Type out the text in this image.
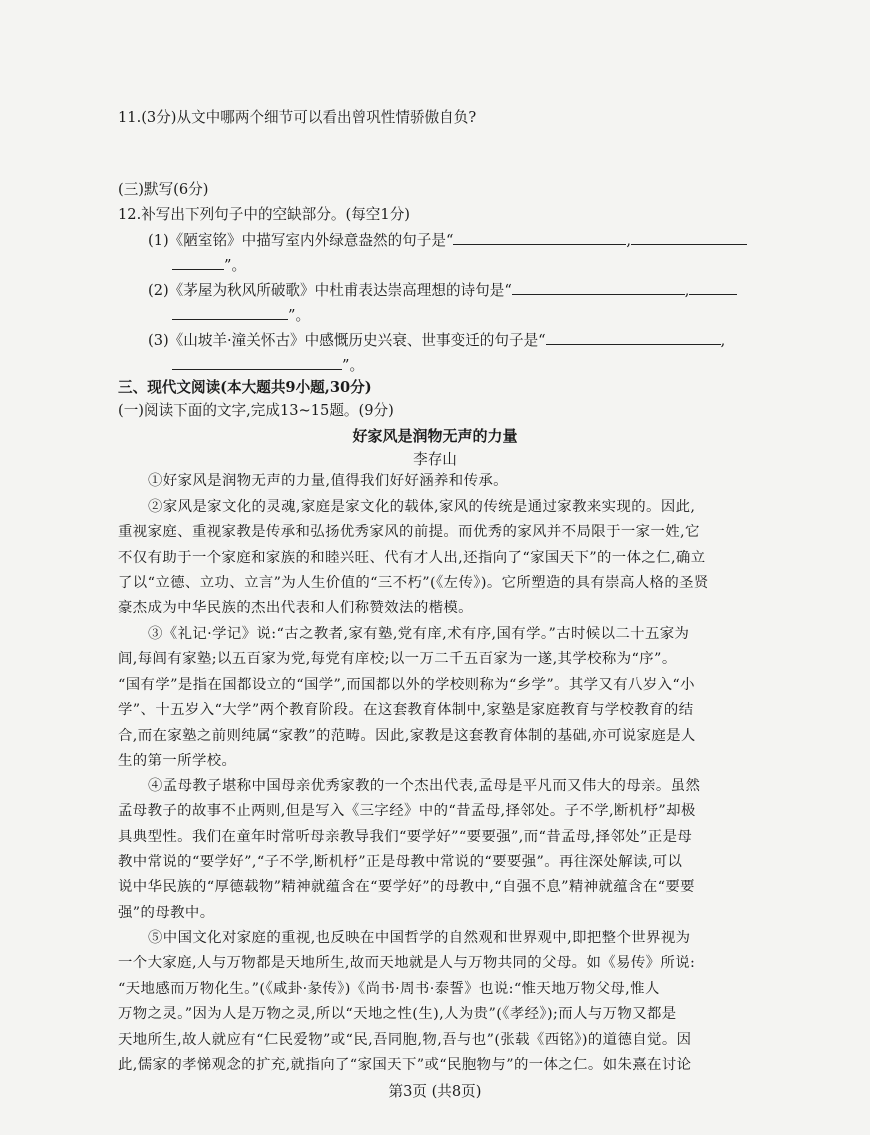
11.(3分)从文中哪两个细节可以看出曾巩性情骄傲自负?
(三)默写(6分)
12.补写出下列句子中的空缺部分。(每空1分)
(1)《陋室铭》中描写室内外绿意盎然的句子是“	,
”。
(2)《茅屋为秋风所破歌》中杜甫表达崇高理想的诗句是“	,
”。
(3)《山坡羊·潼关怀古》中感慨历史兴衰、世事变迁的句子是“	,
”。
三、现代文阅读(本大题共9小题,30分)
(一)阅读下面的文字,完成13~15题。(9分)
好家风是润物无声的力量
李存山
①好家风是润物无声的力量,值得我们好好涵养和传承。
②家风是家文化的灵魂,家庭是家文化的载体,家风的传统是通过家教来实现的。因此,
重视家庭、重视家教是传承和弘扬优秀家风的前提。而优秀的家风并不局限于一家一姓,它
不仅有助于一个家庭和家族的和睦兴旺、代有才人出,还指向了“家国天下”的一体之仁,确立
了以“立德、立功、立言”为人生价值的“三不朽”(《左传》)。它所塑造的具有崇高人格的圣贤
豪杰成为中华民族的杰出代表和人们称赞效法的楷模。
③《礼记·学记》说:“古之教者,家有塾,党有庠,术有序,国有学。”古时候以二十五家为
闾,每闾有家塾;以五百家为党,每党有庠校;以一万二千五百家为一遂,其学校称为“序”。
“国有学”是指在国都设立的“国学”,而国都以外的学校则称为“乡学”。其学又有八岁入“小
学”、十五岁入“大学”两个教育阶段。在这套教育体制中,家塾是家庭教育与学校教育的结
合,而在家塾之前则纯属“家教”的范畴。因此,家教是这套教育体制的基础,亦可说家庭是人
生的第一所学校。
④孟母教子堪称中国母亲优秀家教的一个杰出代表,孟母是平凡而又伟大的母亲。虽然
孟母教子的故事不止两则,但是写入《三字经》中的“昔孟母,择邻处。子不学,断机杼”却极
具典型性。我们在童年时常听母亲教导我们“要学好”“要要强”,而“昔孟母,择邻处”正是母
教中常说的“要学好”,“子不学,断机杼”正是母教中常说的“要要强”。再往深处解读,可以
说中华民族的“厚德载物”精神就蕴含在“要学好”的母教中,“自强不息”精神就蕴含在“要要
强”的母教中。
⑤中国文化对家庭的重视,也反映在中国哲学的自然观和世界观中,即把整个世界视为
一个大家庭,人与万物都是天地所生,故而天地就是人与万物共同的父母。如《易传》所说:
“天地感而万物化生。”(《咸卦·彖传》)《尚书·周书·泰誓》也说:“惟天地万物父母,惟人
万物之灵。”因为人是万物之灵,所以“天地之性(生),人为贵”(《孝经》);而人与万物又都是
天地所生,故人就应有“仁民爱物”或“民,吾同胞,物,吾与也”(张载《西铭》)的道德自觉。因
此,儒家的孝悌观念的扩充,就指向了“家国天下”或“民胞物与”的一体之仁。如朱熹在讨论
第3页 (共8页)
